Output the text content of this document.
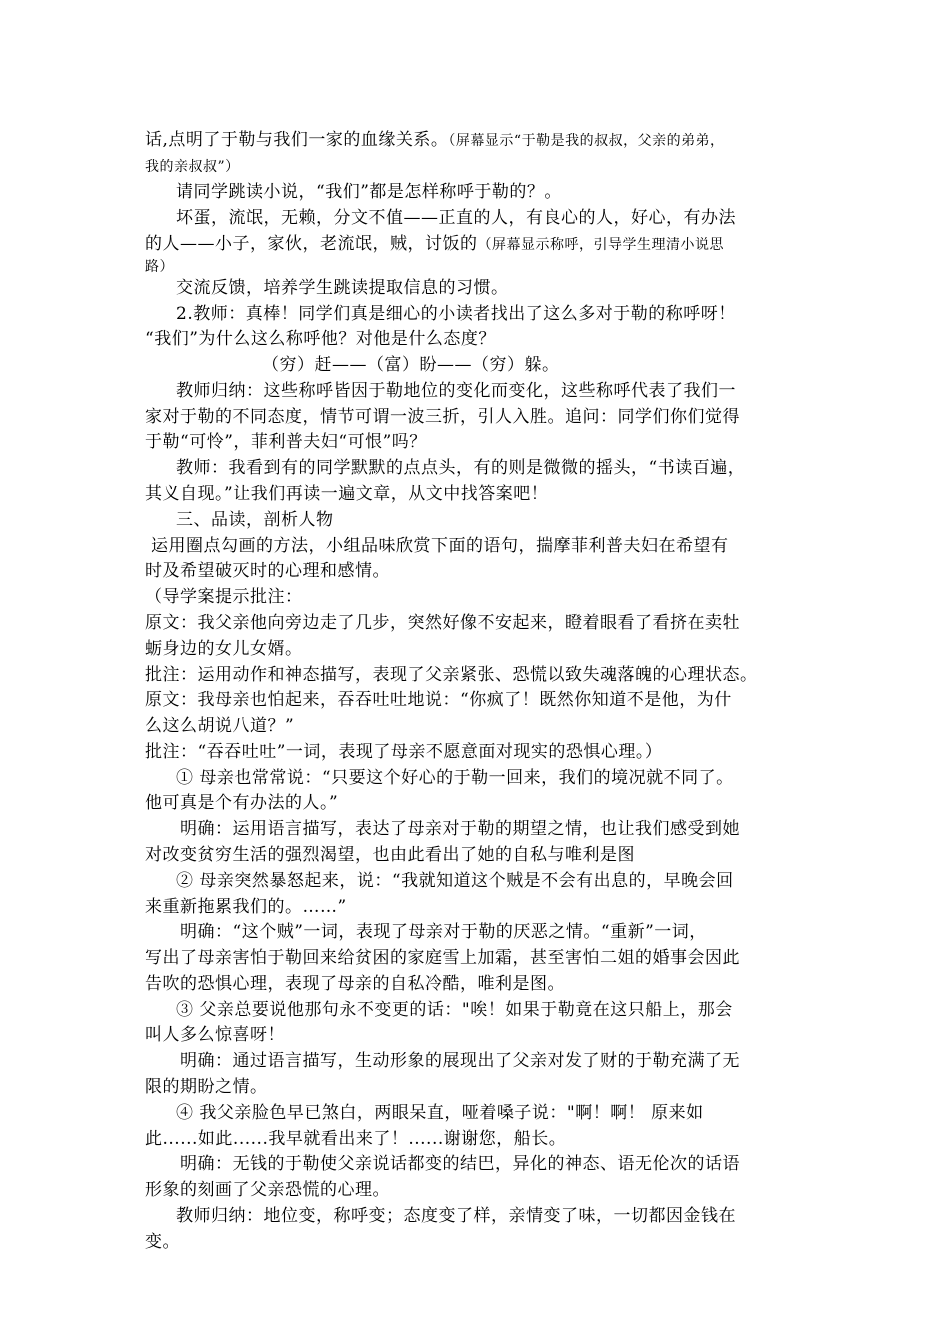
话,点明了于勒与我们一家的血缘关系。（屏幕显示“于勒是我的叔叔，父亲的弟弟，
我的亲叔叔”）
请同学跳读小说，“我们”都是怎样称呼于勒的？。
坏蛋，流氓，无赖，分文不值——正直的人，有良心的人，好心，有办法
的人——小子，家伙，老流氓，贼，讨饭的（屏幕显示称呼，引导学生理清小说思
路）
交流反馈，培养学生跳读提取信息的习惯。
2.教师：真棒！同学们真是细心的小读者找出了这么多对于勒的称呼呀！
“我们”为什么这么称呼他？对他是什么态度？
（穷）赶——（富）盼——（穷）躲。
教师归纳：这些称呼皆因于勒地位的变化而变化，这些称呼代表了我们一
家对于勒的不同态度，情节可谓一波三折，引人入胜。追问：同学们你们觉得
于勒“可怜”，菲利普夫妇“可恨”吗？
教师：我看到有的同学默默的点点头，有的则是微微的摇头，“书读百遍，
其义自现。”让我们再读一遍文章，从文中找答案吧！
三、品读，剖析人物
运用圈点勾画的方法，小组品味欣赏下面的语句，揣摩菲利普夫妇在希望有
时及希望破灭时的心理和感情。
（导学案提示批注：
原文：我父亲他向旁边走了几步，突然好像不安起来，瞪着眼看了看挤在卖牡
蛎身边的女儿女婿。
批注：运用动作和神态描写，表现了父亲紧张、恐慌以致失魂落魄的心理状态。
原文：我母亲也怕起来，吞吞吐吐地说：“你疯了！既然你知道不是他，为什
么这么胡说八道？”
批注：“吞吞吐吐”一词，表现了母亲不愿意面对现实的恐惧心理。）
① 母亲也常常说：“只要这个好心的于勒一回来，我们的境况就不同了。
他可真是个有办法的人。”
明确：运用语言描写，表达了母亲对于勒的期望之情，也让我们感受到她
对改变贫穷生活的强烈渴望，也由此看出了她的自私与唯利是图
② 母亲突然暴怒起来，说：“我就知道这个贼是不会有出息的，早晚会回
来重新拖累我们的。……”
明确：“这个贼”一词，表现了母亲对于勒的厌恶之情。“重新”一词，
写出了母亲害怕于勒回来给贫困的家庭雪上加霜，甚至害怕二姐的婚事会因此
告吹的恐惧心理，表现了母亲的自私冷酷，唯利是图。
③ 父亲总要说他那句永不变更的话："唉！如果于勒竟在这只船上，那会
叫人多么惊喜呀！
明确：通过语言描写，生动形象的展现出了父亲对发了财的于勒充满了无
限的期盼之情。
④ 我父亲脸色早已煞白，两眼呆直，哑着嗓子说："啊！啊！ 原来如
此......如此......我早就看出来了！......谢谢您，船长。
明确：无钱的于勒使父亲说话都变的结巴，异化的神态、语无伦次的话语
形象的刻画了父亲恐慌的心理。
教师归纳：地位变，称呼变；态度变了样，亲情变了味，一切都因金钱在
变。
